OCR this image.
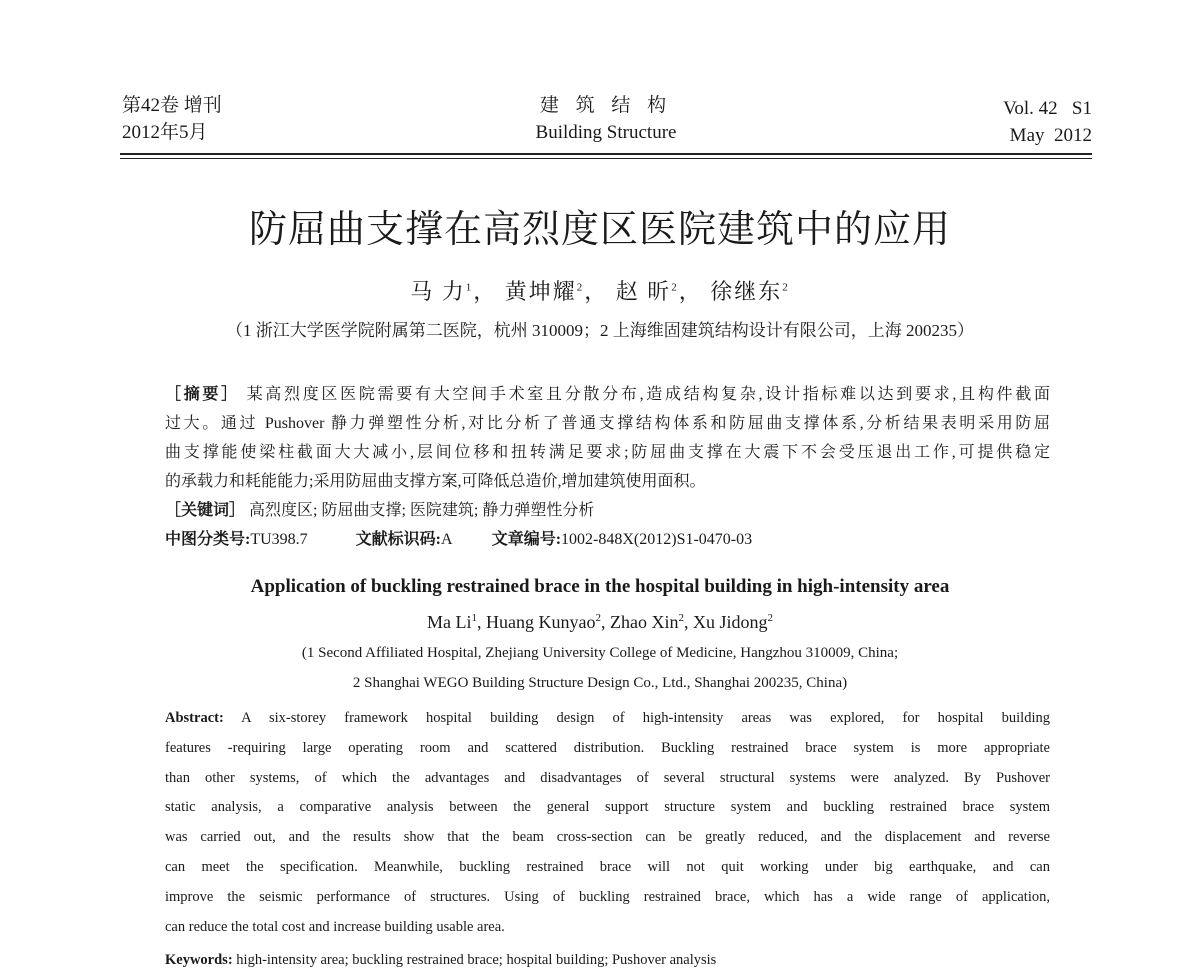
第42卷 增刊
2012年5月
建 筑 结 构
Building Structure
Vol. 42   S1
May  2012
防屈曲支撑在高烈度区医院建筑中的应用
马 力$^1$， 黄坤耀$^2$， 赵 昕$^2$， 徐继东$^2$
（1 浙江大学医学院附属第二医院，杭州 310009；2 上海维固建筑结构设计有限公司，上海 200235）
［摘要］ 某高烈度区医院需要有大空间手术室且分散分布,造成结构复杂,设计指标难以达到要求,且构件截面
过大。通过 Pushover 静力弹塑性分析,对比分析了普通支撑结构体系和防屈曲支撑体系,分析结果表明采用防屈
曲支撑能使梁柱截面大大减小,层间位移和扭转满足要求;防屈曲支撑在大震下不会受压退出工作,可提供稳定
的承载力和耗能能力;采用防屈曲支撑方案,可降低总造价,增加建筑使用面积。
［关键词］ 高烈度区; 防屈曲支撑; 医院建筑; 静力弹塑性分析
中图分类号:TU398.7	文献标识码:A	文章编号:1002-848X(2012)S1-0470-03
Application of buckling restrained brace in the hospital building in high-intensity area
Ma Li$^1$, Huang Kunyao$^2$, Zhao Xin$^2$, Xu Jidong$^2$
(1 Second Affiliated Hospital, Zhejiang University College of Medicine, Hangzhou 310009, China;
2 Shanghai WEGO Building Structure Design Co., Ltd., Shanghai 200235, China)
Abstract: A six-storey framework hospital building design of high-intensity areas was explored, for hospital building
features -requiring large operating room and scattered distribution. Buckling restrained brace system is more appropriate
than other systems, of which the advantages and disadvantages of several structural systems were analyzed. By Pushover
static analysis, a comparative analysis between the general support structure system and buckling restrained brace system
was carried out, and the results show that the beam cross-section can be greatly reduced, and the displacement and reverse
can meet the specification. Meanwhile, buckling restrained brace will not quit working under big earthquake, and can
improve the seismic performance of structures. Using of buckling restrained brace, which has a wide range of application,
can reduce the total cost and increase building usable area.
Keywords: high-intensity area; buckling restrained brace; hospital building; Pushover analysis
